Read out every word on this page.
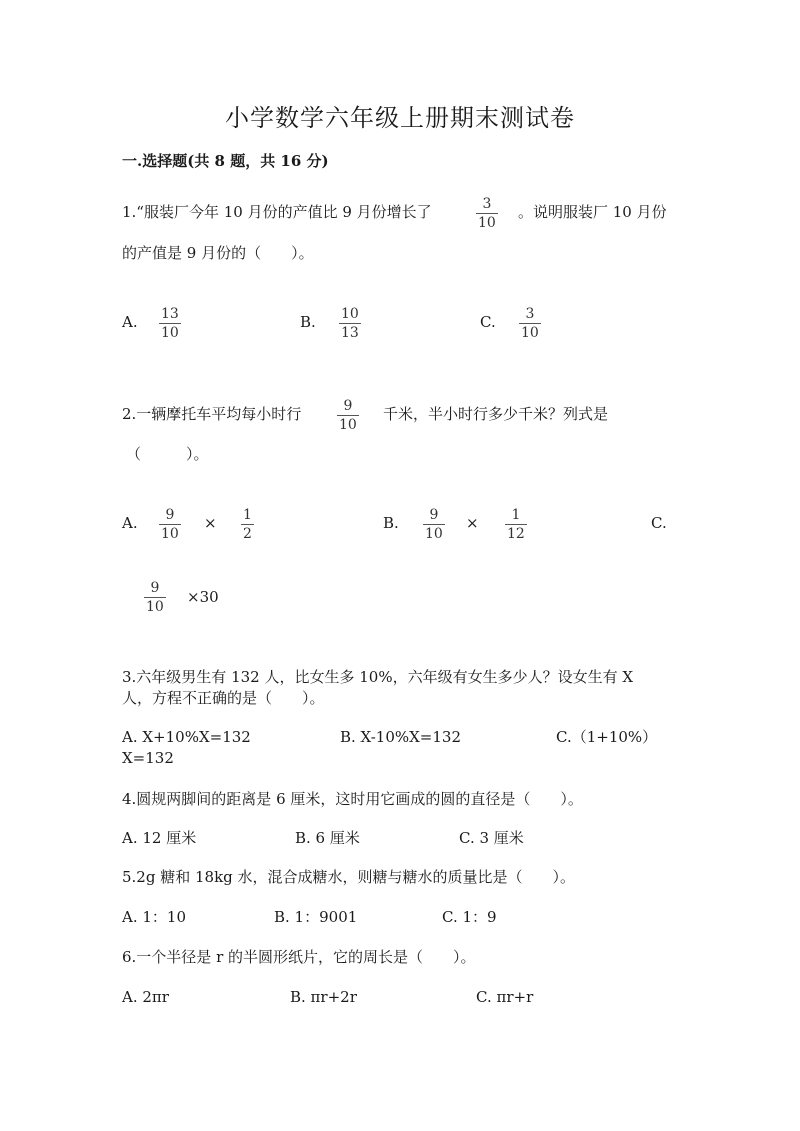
小学数学六年级上册期末测试卷
一.选择题(共 8 题，共 16 分)
1.“服装厂今年 10 月份的产值比 9 月份增长了	3
10
。说明服装厂 10 月份
的产值是 9 月份的（　　）。
A. 13
10
B. 10
13
C. 3
10
2.一辆摩托车平均每小时行	9
10
千米，半小时行多少千米？列式是
（　　　）。
A. 9
10
× 1
2
B. 9
10
× 1
12
C.
9
10
×30
3.六年级男生有 132 人，比女生多 10%，六年级有女生多少人？设女生有 X
人，方程不正确的是（　　）。
A. X+10%X=132	B. X-10%X=132	C.（1+10%）
X=132
4.圆规两脚间的距离是 6 厘米，这时用它画成的圆的直径是（　　）。
A. 12 厘米	B. 6 厘米	C. 3 厘米
5.2g 糖和 18kg 水，混合成糖水，则糖与糖水的质量比是（　　）。
A. 1：10	B. 1：9001	C. 1：9
6.一个半径是 r 的半圆形纸片，它的周长是（　　）。
A. 2πr	B. πr+2r	C. πr+r
